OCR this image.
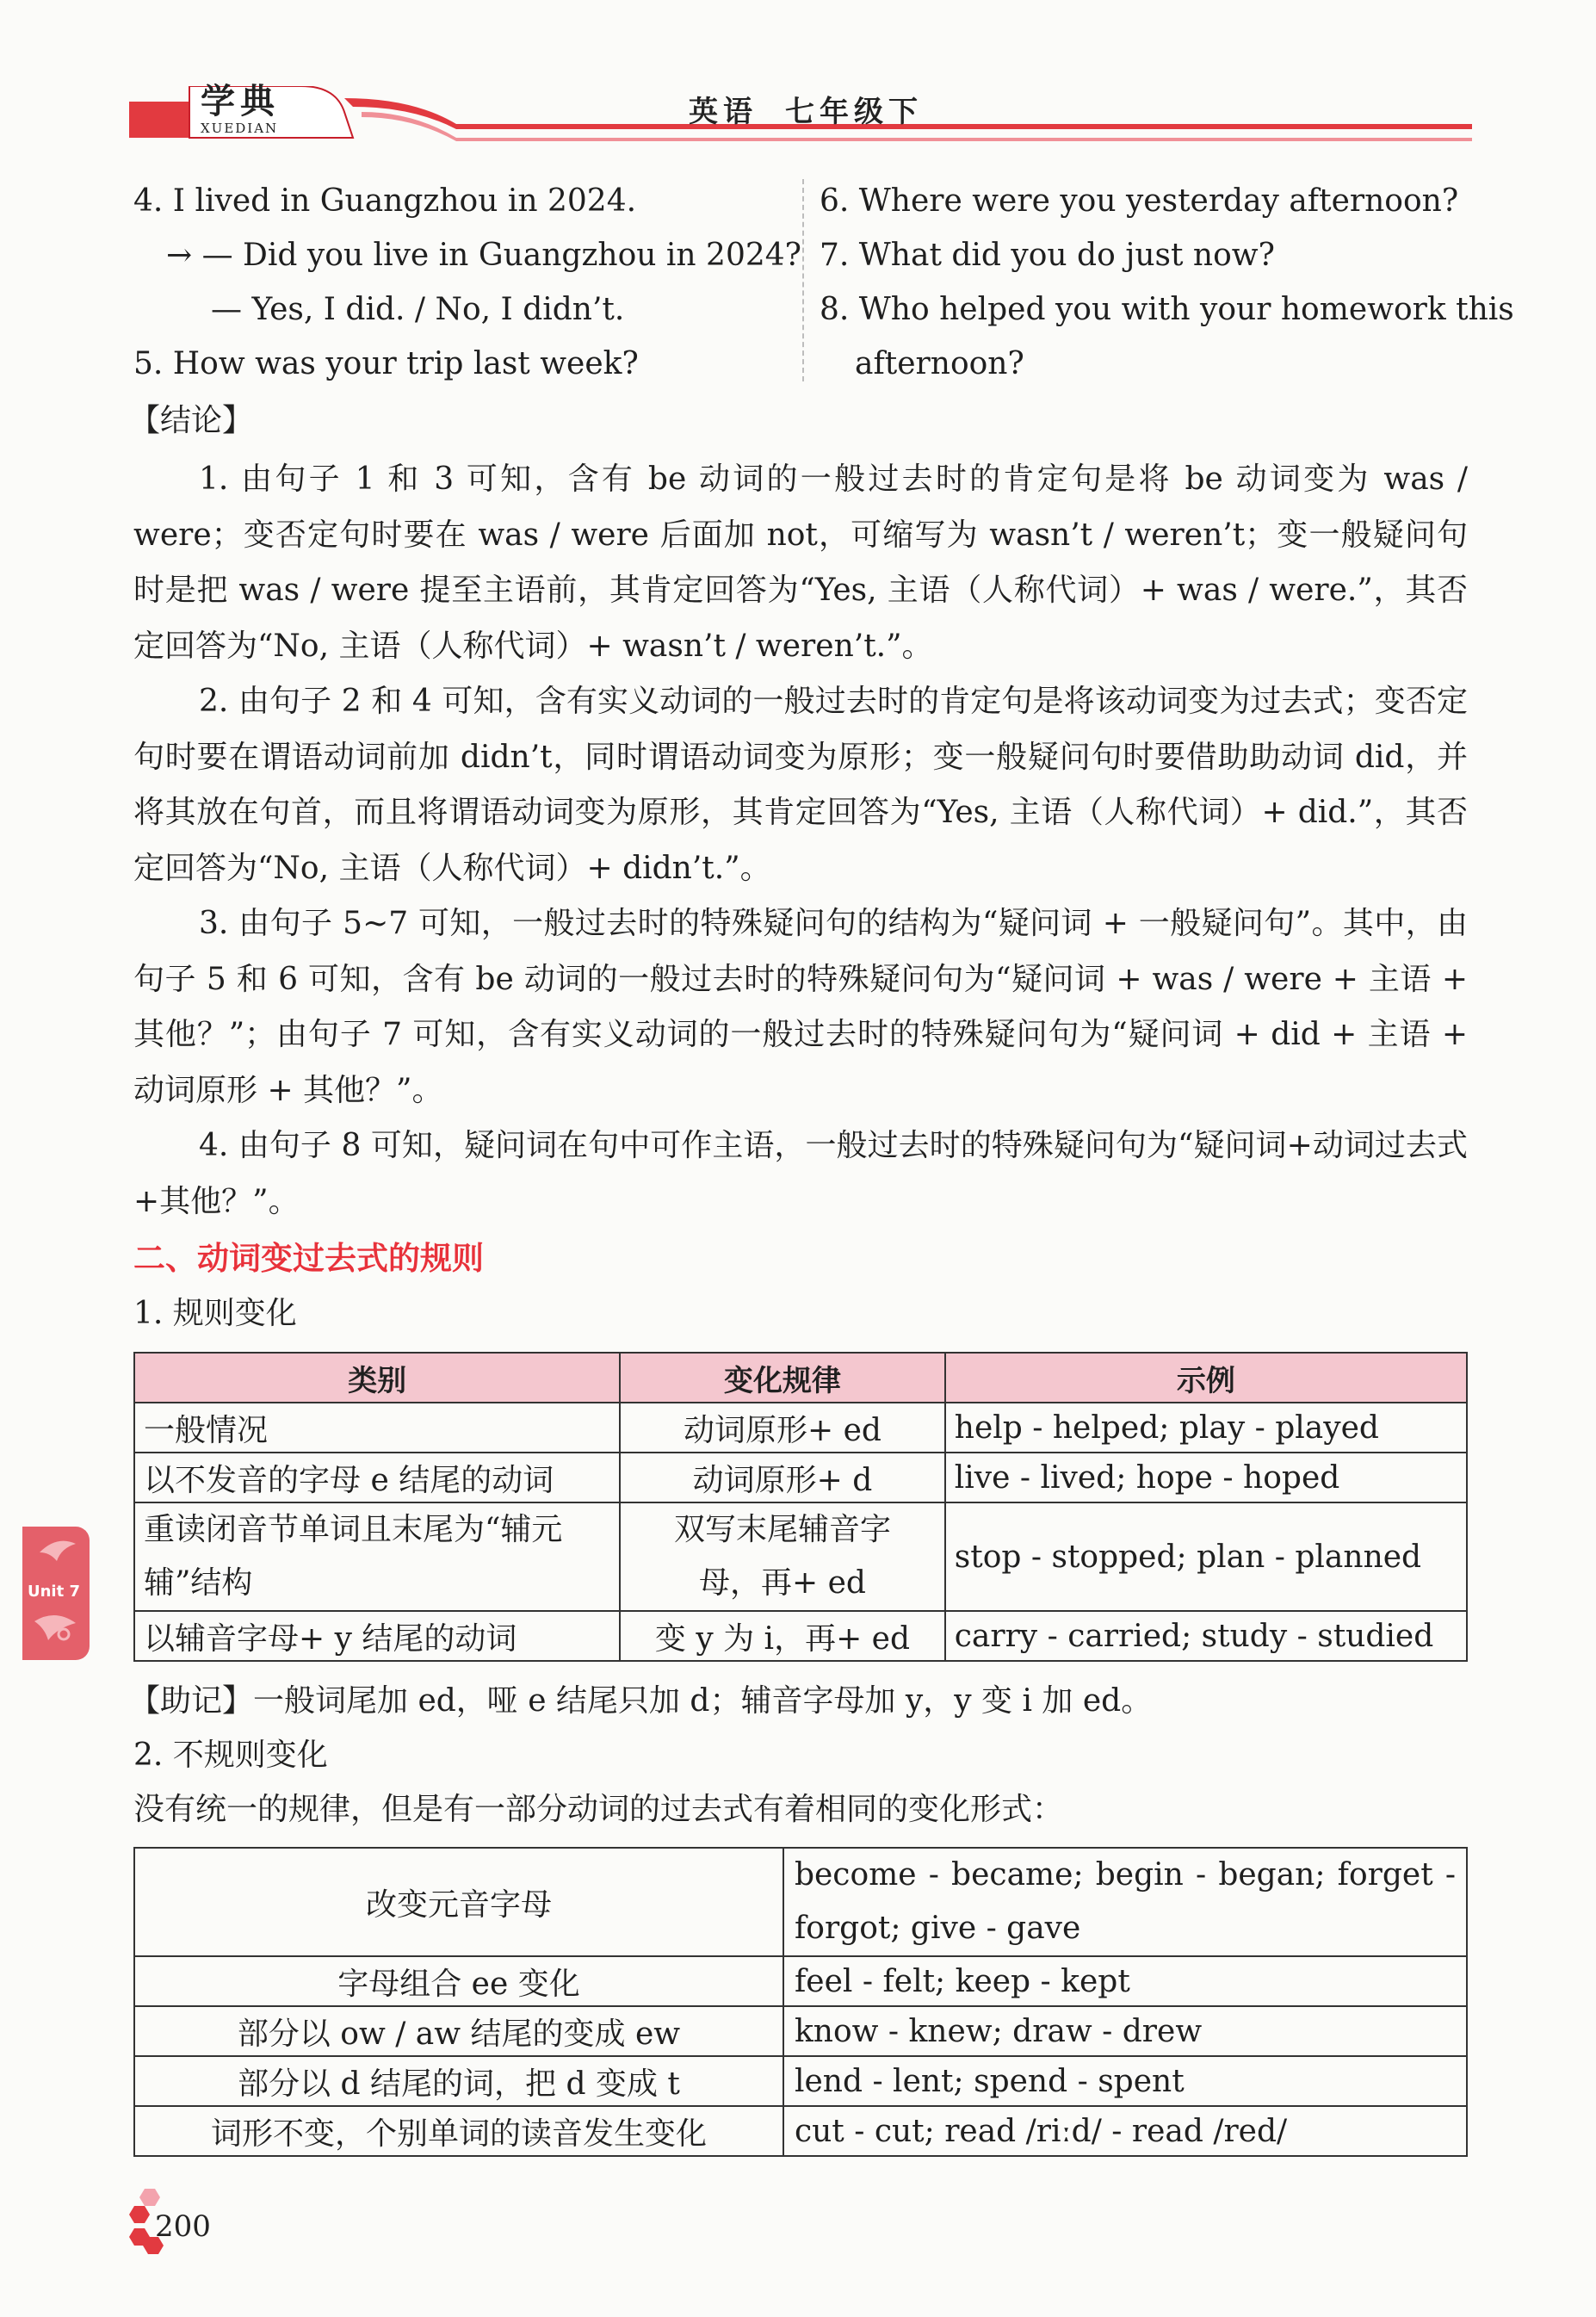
学典
XUEDIAN	英语 七年级下
4. I lived in Guangzhou in 2024.
→ — Did you live in Guangzhou in 2024?
— Yes, I did. / No, I didn’t.
5. How was your trip last week?
6. Where were you yesterday afternoon?
7. What did you do just now?
8. Who helped you with your homework this
afternoon?
【结论】
1. 由句子 1 和 3 可知，含有 be 动词的一般过去时的肯定句是将 be 动词变为 was / were；变否定句时要在 was / were 后面加 not，可缩写为 wasn’t / weren’t；变一般疑问句时是把 was / were 提至主语前，其肯定回答为“Yes, 主语（人称代词）+ was / were.”，其否定回答为“No, 主语（人称代词）+ wasn’t / weren’t.”。
2. 由句子 2 和 4 可知，含有实义动词的一般过去时的肯定句是将该动词变为过去式；变否定句时要在谓语动词前加 didn’t，同时谓语动词变为原形；变一般疑问句时要借助助动词 did，并将其放在句首，而且将谓语动词变为原形，其肯定回答为“Yes, 主语（人称代词）+ did.”，其否定回答为“No, 主语（人称代词）+ didn’t.”。
3. 由句子 5~7 可知，一般过去时的特殊疑问句的结构为“疑问词 + 一般疑问句”。其中，由句子 5 和 6 可知，含有 be 动词的一般过去时的特殊疑问句为“疑问词 + was / were + 主语 + 其他？”；由句子 7 可知，含有实义动词的一般过去时的特殊疑问句为“疑问词 + did + 主语 + 动词原形 + 其他？”。
4. 由句子 8 可知，疑问词在句中可作主语，一般过去时的特殊疑问句为“疑问词+动词过去式+其他？”。
二、动词变过去式的规则
1. 规则变化
类别	变化规律	示例
一般情况	动词原形+ ed	help - helped; play - played
以不发音的字母 e 结尾的动词	动词原形+ d	live - lived; hope - hoped
重读闭音节单词且末尾为“辅元辅”结构	双写末尾辅音字母，再+ ed	stop - stopped; plan - planned
以辅音字母+ y 结尾的动词	变 y 为 i，再+ ed	carry - carried; study - studied
【助记】一般词尾加 ed，哑 e 结尾只加 d；辅音字母加 y，y 变 i 加 ed。
2. 不规则变化
没有统一的规律，但是有一部分动词的过去式有着相同的变化形式：
改变元音字母	become - became; begin - began; forget - forgot; give - gave
字母组合 ee 变化	feel - felt; keep - kept
部分以 ow / aw 结尾的变成 ew	know - knew; draw - drew
部分以 d 结尾的词，把 d 变成 t	lend - lent; spend - spent
词形不变，个别单词的读音发生变化	cut - cut; read /riːd/ - read /red/
Unit 7
200
